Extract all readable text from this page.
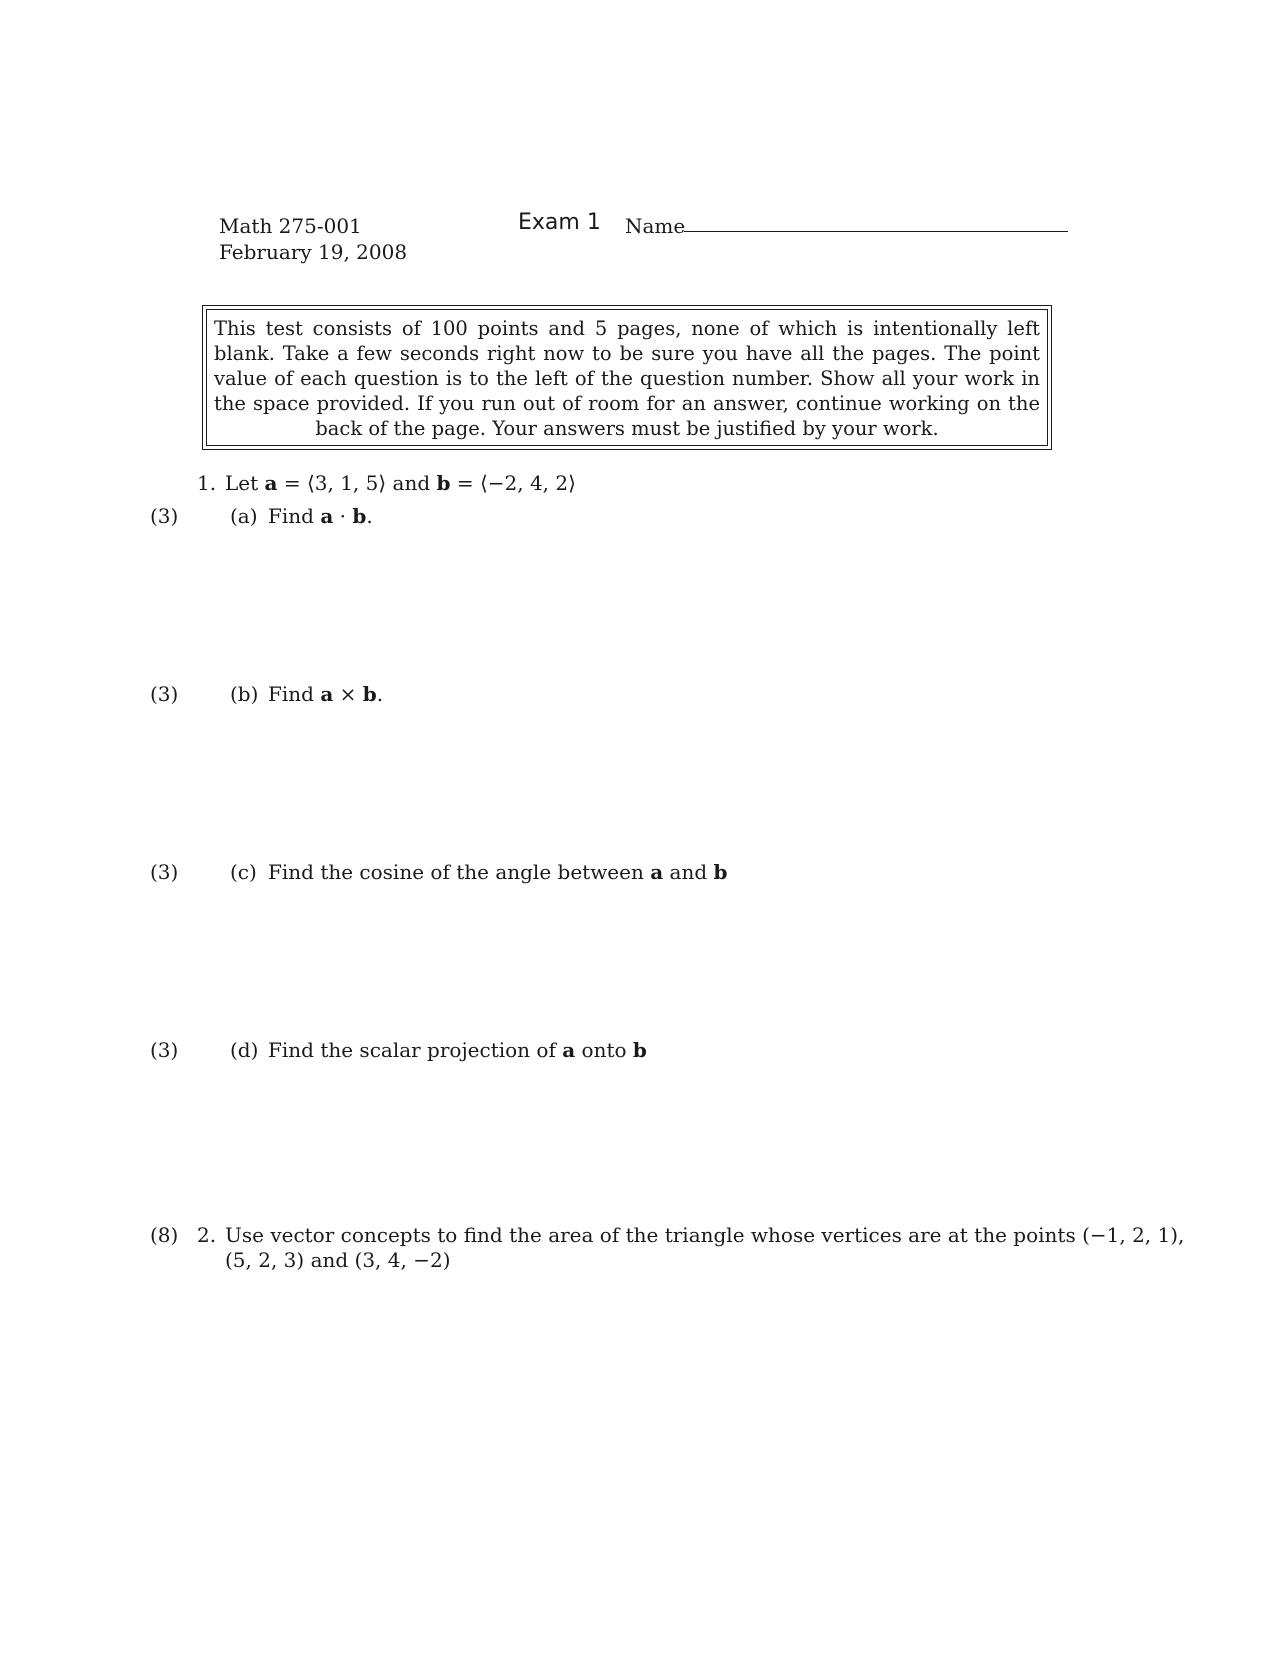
Math 275-001
February 19, 2008
Exam 1 Name
This test consists of 100 points and 5 pages, none of which is intentionally left blank. Take a few seconds right now to be sure you have all the pages. The point value of each question is to the left of the question number. Show all your work in the space provided. If you run out of room for an answer, continue working on the back of the page. Your answers must be justified by your work.
1. Let a = ⟨3, 1, 5⟩ and b = ⟨−2, 4, 2⟩
(3)	(a) Find a · b.
(3)	(b) Find a × b.
(3)	(c) Find the cosine of the angle between a and b
(3)	(d) Find the scalar projection of a onto b
(8) 2. Use vector concepts to find the area of the triangle whose vertices are at the points (−1, 2, 1),
(5, 2, 3) and (3, 4, −2)
